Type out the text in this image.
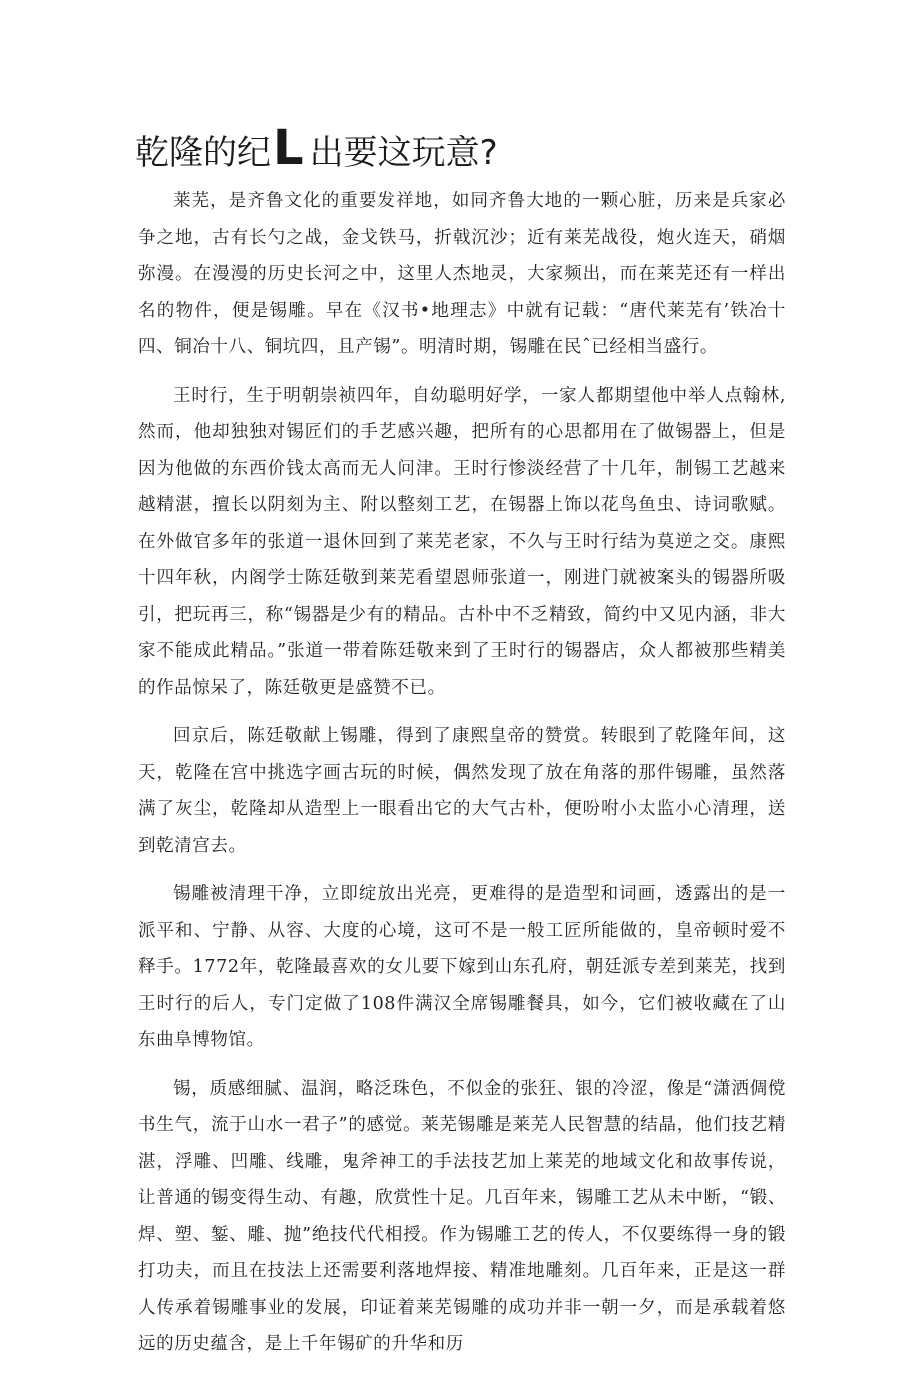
乾隆的纪L 出要这玩意?

莱芜，是齐鲁文化的重要发祥地，如同齐鲁大地的一颗心脏，历来是兵家必争之地，古有长勺之战，金戈铁马，折戟沉沙；近有莱芜战役，炮火连天，硝烟弥漫。在漫漫的历史长河之中，这里人杰地灵，大家频出，而在莱芜还有一样出名的物件，便是锡雕。早在《汉书•地理志》中就有记载：“唐代莱芜有’铁冶十四、铜冶十八、铜坑四，且产锡”。明清时期，锡雕在民ˆ已经相当盛行。

王时行，生于明朝崇祯四年，自幼聪明好学，一家人都期望他中举人点翰林,然而，他却独独对锡匠们的手艺感兴趣，把所有的心思都用在了做锡器上，但是因为他做的东西价钱太高而无人问津。王时行惨淡经营了十几年，制锡工艺越来越精湛，擅长以阴刻为主、附以整刻工艺，在锡器上饰以花鸟鱼虫、诗词歌赋。在外做官多年的张道一退休回到了莱芜老家，不久与王时行结为莫逆之交。康熙十四年秋，内阁学士陈廷敬到莱芜看望恩师张道一，刚进门就被案头的锡器所吸引，把玩再三，称“锡器是少有的精品。古朴中不乏精致，简约中又见内涵，非大家不能成此精品。”张道一带着陈廷敬来到了王时行的锡器店，众人都被那些精美的作品惊呆了，陈廷敬更是盛赞不已。

回京后，陈廷敬献上锡雕，得到了康熙皇帝的赞赏。转眼到了乾隆年间，这天，乾隆在宫中挑选字画古玩的时候，偶然发现了放在角落的那件锡雕，虽然落满了灰尘，乾隆却从造型上一眼看出它的大气古朴，便吩咐小太监小心清理，送到乾清宫去。

锡雕被清理干净，立即绽放出光亮，更难得的是造型和词画，透露出的是一派平和、宁静、从容、大度的心境，这可不是一般工匠所能做的，皇帝顿时爱不释手。1772年，乾隆最喜欢的女儿要下嫁到山东孔府，朝廷派专差到莱芜，找到王时行的后人，专门定做了108件满汉全席锡雕餐具，如今，它们被收藏在了山东曲阜博物馆。

锡，质感细腻、温润，略泛珠色，不似金的张狂、银的冷涩，像是“潇洒倜傥书生气，流于山水一君子”的感觉。莱芜锡雕是莱芜人民智慧的结晶，他们技艺精湛，浮雕、凹雕、线雕，鬼斧神工的手法技艺加上莱芜的地域文化和故事传说，让普通的锡变得生动、有趣，欣赏性十足。几百年来，锡雕工艺从未中断，“锻、焊、塑、錾、雕、抛”绝技代代相授。作为锡雕工艺的传人，不仅要练得一身的锻打功夫，而且在技法上还需要利落地焊接、精准地雕刻。几百年来，正是这一群人传承着锡雕事业的发展，印证着莱芜锡雕的成功并非一朝一夕，而是承载着悠远的历史蕴含，是上千年锡矿的升华和历
